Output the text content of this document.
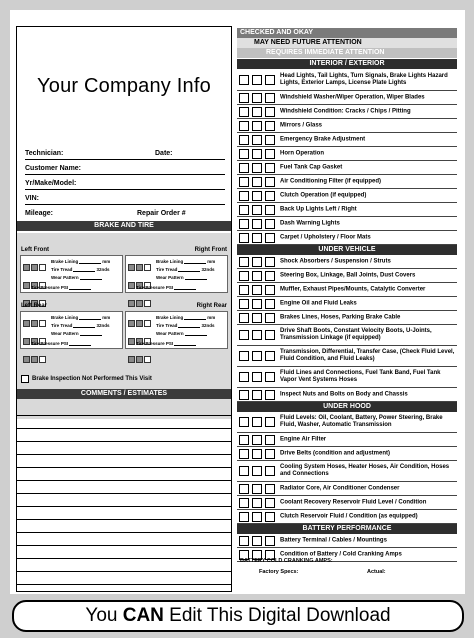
Your Company Info
Technician:	Date:
Customer Name:
Yr/Make/Model:
VIN:
Mileage:	Repair Order #
BRAKE AND TIRE
Left Front	Right Front

Brake Lining	mm
Tire Tread	32nds
Wear Pattern
Tire Pressure PSI

Brake Lining	mm
Tire Tread	32nds
Wear Pattern
Tire Pressure PSI
Left Rear	Right Rear

Brake Lining	mm
Tire Tread	32nds
Wear Pattern
Tire Pressure PSI

Brake Lining	mm
Tire Tread	32nds
Wear Pattern
Tire Pressure PSI
Brake Inspection Not Performed This Visit
COMMENTS / ESTIMATES
CHECKED AND OKAY
MAY NEED FUTURE ATTENTION
REQUIRES IMMEDIATE ATTENTION
INTERIOR / EXTERIOR
Head Lights, Tail Lights, Turn Signals, Brake Lights Hazard Lights, Exterior Lamps, License Plate Lights
Windshield Washer/Wiper Operation, Wiper Blades
Windshield Condition: Cracks / Chips / Pitting
Mirrors / Glass
Emergency Brake Adjustment
Horn Operation
Fuel Tank Cap Gasket
Air Conditioning Filter (if equipped)
Clutch Operation (if equipped)
Back Up Lights Left / Right
Dash Warning Lights
Carpet / Upholstery / Floor Mats
UNDER VEHICLE
Shock Absorbers / Suspension / Struts
Steering Box, Linkage, Ball Joints, Dust Covers
Muffler, Exhaust Pipes/Mounts, Catalytic Converter
Engine Oil and Fluid Leaks
Brakes Lines, Hoses, Parking Brake Cable
Drive Shaft Boots, Constant Velocity Boots, U-Joints, Transmission Linkage (if equipped)
Transmission, Differential, Transfer Case, (Check Fluid Level, Fluid Condition, and Fluid Leaks)
Fluid Lines and Connections, Fuel Tank Band, Fuel Tank Vapor Vent Systems Hoses
Inspect Nuts and Bolts on Body and Chassis
UNDER HOOD
Fluid Levels: Oil, Coolant, Battery, Power Steering, Brake Fluid, Washer, Automatic Transmission
Engine Air Filter
Drive Belts (condition and adjustment)
Cooling System Hoses, Heater Hoses, Air Condition, Hoses and Connections
Radiator Core, Air Conditioner Condenser
Coolant Recovery Reservoir Fluid Level / Condition
Clutch Reservoir Fluid / Condition (as equipped)
BATTERY PERFORMANCE
Battery Terminal / Cables / Mountings
Condition of Battery / Cold Cranking Amps
BATTERY COLD CRANKING AMPS:
Factory Specs:	Actual:
You CAN Edit This Digital Download
